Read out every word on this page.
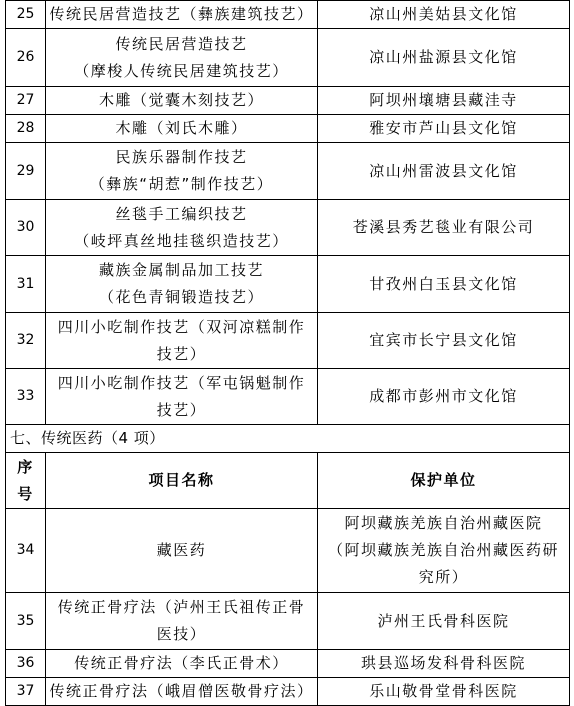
25	传统民居营造技艺（彝族建筑技艺）	凉山州美姑县文化馆

26	传统民居营造技艺
（摩梭人传统民居建筑技艺）	凉山州盐源县文化馆

27	木雕（觉囊木刻技艺）	阿坝州壤塘县藏洼寺

28	木雕（刘氏木雕）	雅安市芦山县文化馆

29	民族乐器制作技艺
（彝族“胡惹”制作技艺）	凉山州雷波县文化馆

30	丝毯手工编织技艺
（岐坪真丝地挂毯织造技艺）	苍溪县秀艺毯业有限公司

31	藏族金属制品加工技艺
（花色青铜锻造技艺）	甘孜州白玉县文化馆

32	四川小吃制作技艺（双河凉糕制作
技艺）	宜宾市长宁县文化馆

33	四川小吃制作技艺（军屯锅魁制作
技艺）	成都市彭州市文化馆

七、传统医药（4 项）		

序
号	项目名称	保护单位
34	藏医药	阿坝藏族羌族自治州藏医院
（阿坝藏族羌族自治州藏医药研
究所）

35	传统正骨疗法（泸州王氏祖传正骨
医技）	泸州王氏骨科医院

36	传统正骨疗法（李氏正骨术）	珙县巡场发科骨科医院

37	传统正骨疗法（峨眉僧医敬骨疗法）	乐山敬骨堂骨科医院
